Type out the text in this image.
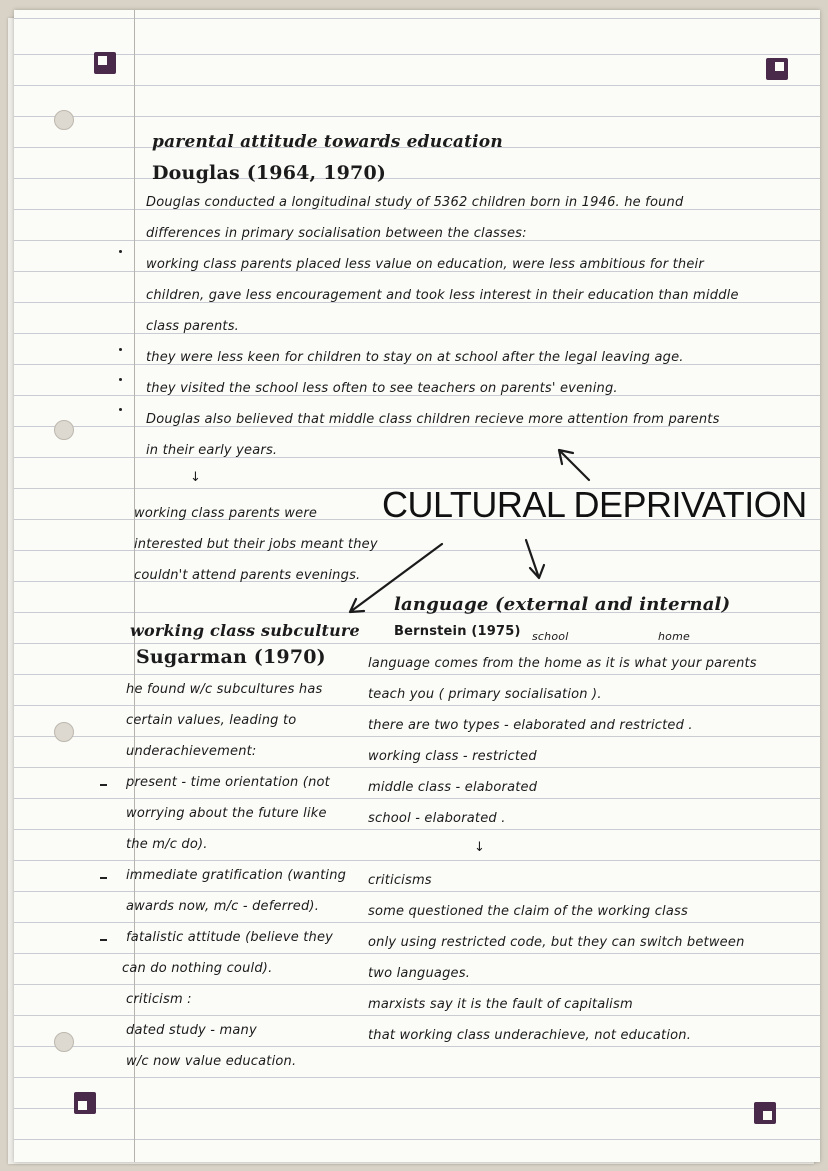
parental attitude towards education
Douglas (1964, 1970)
Douglas conducted a longitudinal study of 5362 children born in 1946. he found
differences in primary socialisation between the classes:
working class parents placed less value on education, were less ambitious for their
children, gave less encouragement and took less interest in their education than middle
class parents.
they were less keen for children to stay on at school after the legal leaving age.
they visited the school less often to see teachers on parents' evening.
Douglas also believed that middle class children recieve more attention from parents
in their early years.
↓
working class parents were
interested but their jobs meant they
couldn't attend parents evenings.
CULTURAL DEPRIVATION
language (external and internal)
working class subculture	Bernstein (1975) school	home
Sugarman (1970)
he found w/c subcultures has
certain values, leading to
underachievement:
present - time orientation (not
worrying about the future like
the m/c do).
immediate gratification (wanting
awards now, m/c - deferred).
fatalistic attitude (believe they
can do nothing could).
criticism :
dated study - many
w/c now value education.
language comes from the home as it is what your parents
teach you ( primary socialisation ).
there are two types - elaborated and restricted .
working class - restricted
middle class - elaborated
school - elaborated .
↓
criticisms
some questioned the claim of the working class
only using restricted code, but they can switch between
two languages.
marxists say it is the fault of capitalism
that working class underachieve, not education.
